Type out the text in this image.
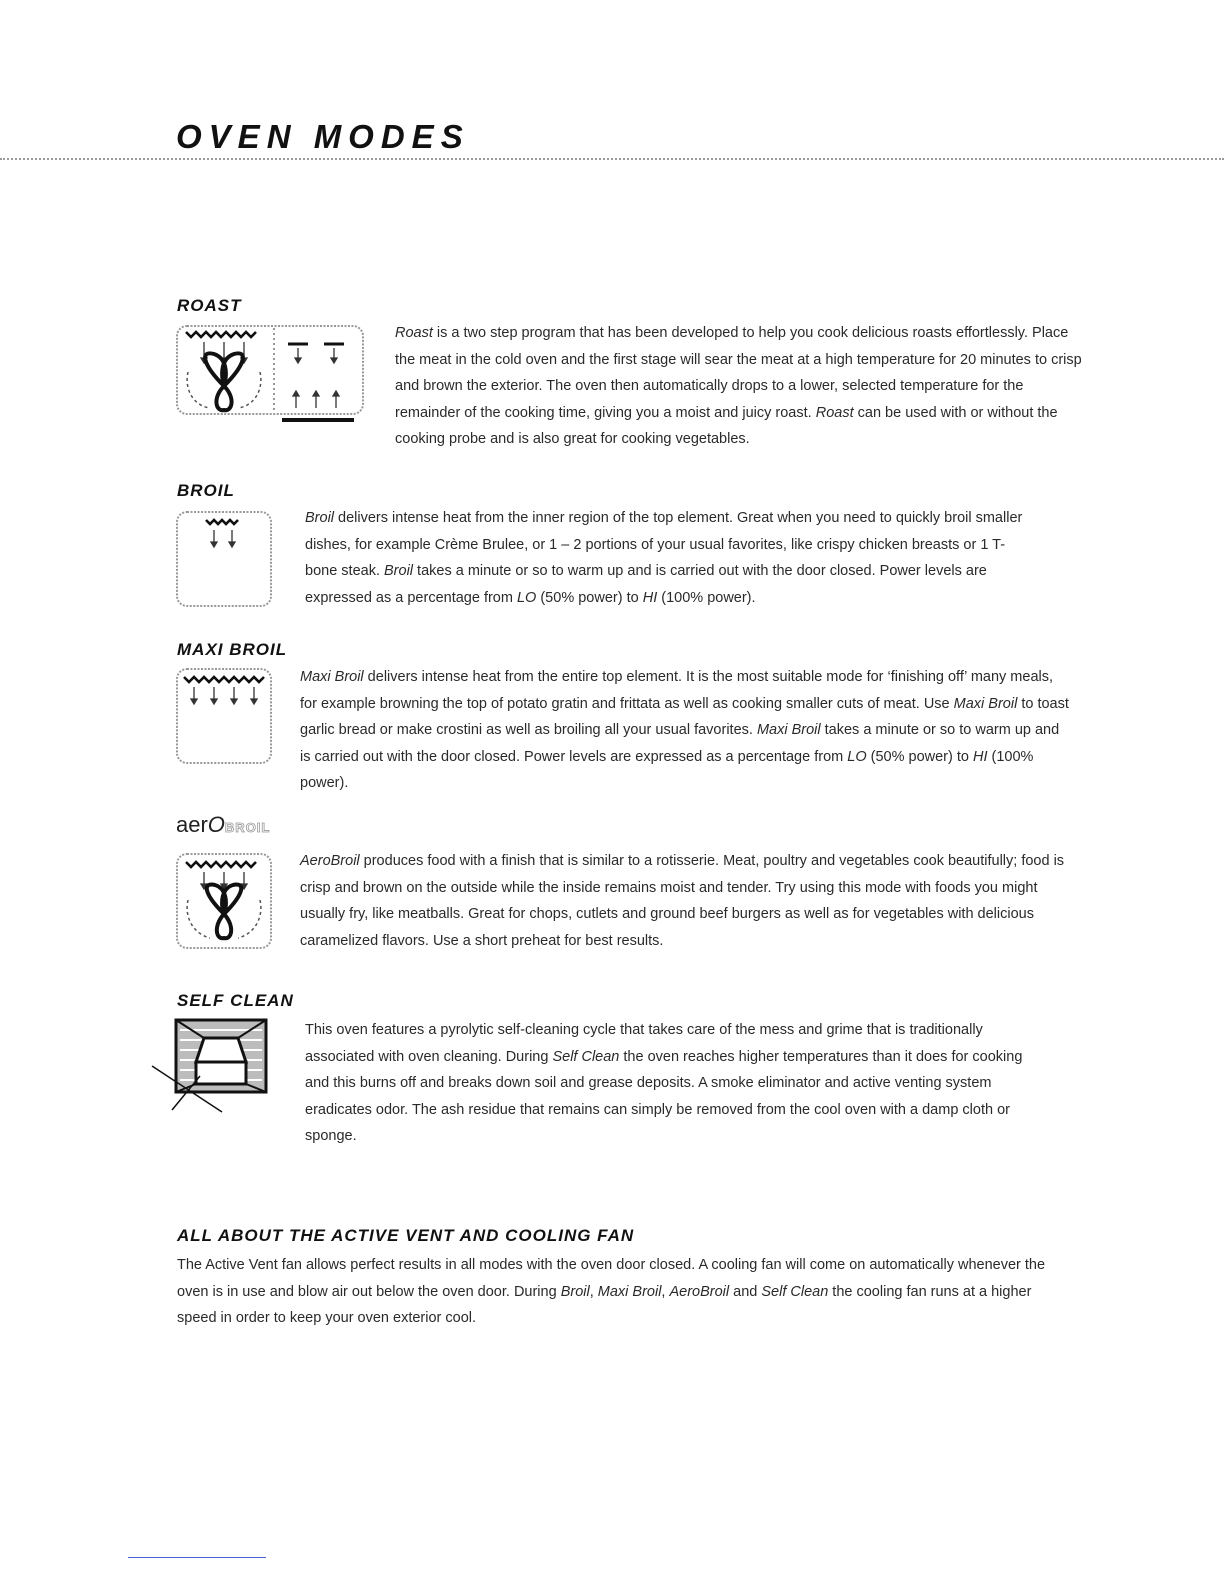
OVEN MODES
ROAST

Roast is a two step program that has been developed to help you cook delicious roasts effortlessly. Place the meat in the cold oven and the first stage will sear the meat at a high temperature for 20 minutes to crisp and brown the exterior. The oven then automatically drops to a lower, selected temperature for the remainder of the cooking time, giving you a moist and juicy roast. Roast can be used with or without the cooking probe and is also great for cooking vegetables.

BROIL

Broil delivers intense heat from the inner region of the top element. Great when you need to quickly broil smaller dishes, for example Crème Brulee, or 1 – 2 portions of your usual favorites, like crispy chicken breasts or 1 T-bone steak. Broil takes a minute or so to warm up and is carried out with the door closed. Power levels are expressed as a percentage from LO (50% power) to HI (100% power).

MAXI BROIL

Maxi Broil delivers intense heat from the entire top element. It is the most suitable mode for ‘finishing off’ many meals, for example browning the top of potato gratin and frittata as well as cooking smaller cuts of meat. Use Maxi Broil to toast garlic bread or make crostini as well as broiling all your usual favorites. Maxi Broil takes a minute or so to warm up and is carried out with the door closed. Power levels are expressed as a percentage from LO (50% power) to HI (100% power).

aerOBROIL

AeroBroil produces food with a finish that is similar to a rotisserie. Meat, poultry and vegetables cook beautifully; food is crisp and brown on the outside while the inside remains moist and tender. Try using this mode with foods you might usually fry, like meatballs. Great for chops, cutlets and ground beef burgers as well as for vegetables with delicious caramelized flavors. Use a short preheat for best results.

SELF CLEAN

This oven features a pyrolytic self-cleaning cycle that takes care of the mess and grime that is traditionally associated with oven cleaning. During Self Clean the oven reaches higher temperatures than it does for cooking and this burns off and breaks down soil and grease deposits. A smoke eliminator and active venting system eradicates odor. The ash residue that remains can simply be removed from the cool oven with a damp cloth or sponge.

ALL ABOUT THE ACTIVE VENT AND COOLING FAN

The Active Vent fan allows perfect results in all modes with the oven door closed. A cooling fan will come on automatically whenever the oven is in use and blow air out below the oven door. During Broil, Maxi Broil, AeroBroil and Self Clean the cooling fan runs at a higher speed in order to keep your oven exterior cool.
